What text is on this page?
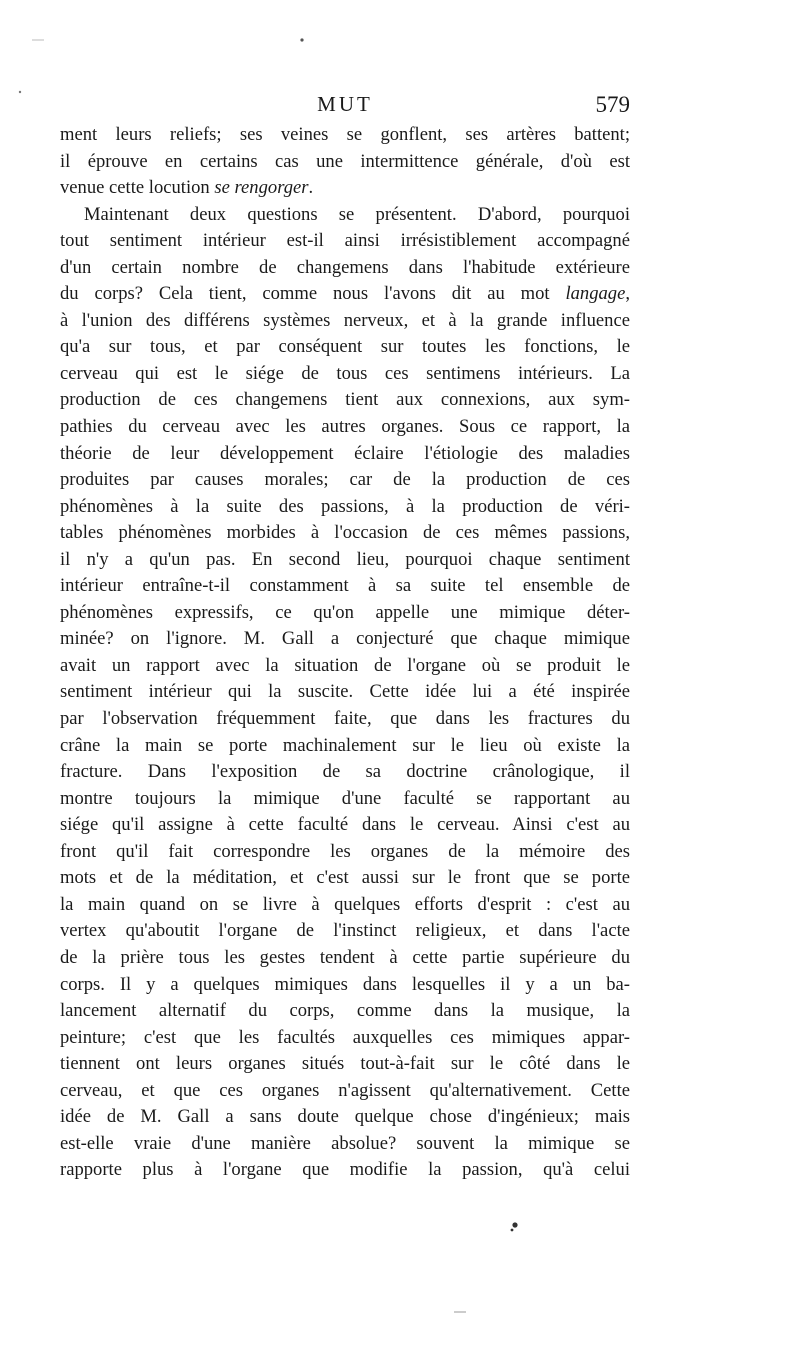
MUT	579
ment leurs reliefs; ses veines se gonflent, ses artères battent;
il éprouve en certains cas une intermittence générale, d'où est
venue cette locution se rengorger.
Maintenant deux questions se présentent. D'abord, pourquoi
tout sentiment intérieur est-il ainsi irrésistiblement accompagné
d'un certain nombre de changemens dans l'habitude extérieure
du corps? Cela tient, comme nous l'avons dit au mot langage,
à l'union des différens systèmes nerveux, et à la grande influence
qu'a sur tous, et par conséquent sur toutes les fonctions, le
cerveau qui est le siége de tous ces sentimens intérieurs. La
production de ces changemens tient aux connexions, aux sym-
pathies du cerveau avec les autres organes. Sous ce rapport, la
théorie de leur développement éclaire l'étiologie des maladies
produites par causes morales; car de la production de ces
phénomènes à la suite des passions, à la production de véri-
tables phénomènes morbides à l'occasion de ces mêmes passions,
il n'y a qu'un pas. En second lieu, pourquoi chaque sentiment
intérieur entraîne-t-il constamment à sa suite tel ensemble de
phénomènes expressifs, ce qu'on appelle une mimique déter-
minée? on l'ignore. M. Gall a conjecturé que chaque mimique
avait un rapport avec la situation de l'organe où se produit le
sentiment intérieur qui la suscite. Cette idée lui a été inspirée
par l'observation fréquemment faite, que dans les fractures du
crâne la main se porte machinalement sur le lieu où existe la
fracture. Dans l'exposition de sa doctrine crânologique, il
montre toujours la mimique d'une faculté se rapportant au
siége qu'il assigne à cette faculté dans le cerveau. Ainsi c'est au
front qu'il fait correspondre les organes de la mémoire des
mots et de la méditation, et c'est aussi sur le front que se porte
la main quand on se livre à quelques efforts d'esprit : c'est au
vertex qu'aboutit l'organe de l'instinct religieux, et dans l'acte
de la prière tous les gestes tendent à cette partie supérieure du
corps. Il y a quelques mimiques dans lesquelles il y a un ba-
lancement alternatif du corps, comme dans la musique, la
peinture; c'est que les facultés auxquelles ces mimiques appar-
tiennent ont leurs organes situés tout-à-fait sur le côté dans le
cerveau, et que ces organes n'agissent qu'alternativement. Cette
idée de M. Gall a sans doute quelque chose d'ingénieux; mais
est-elle vraie d'une manière absolue? souvent la mimique se
rapporte plus à l'organe que modifie la passion, qu'à celui
